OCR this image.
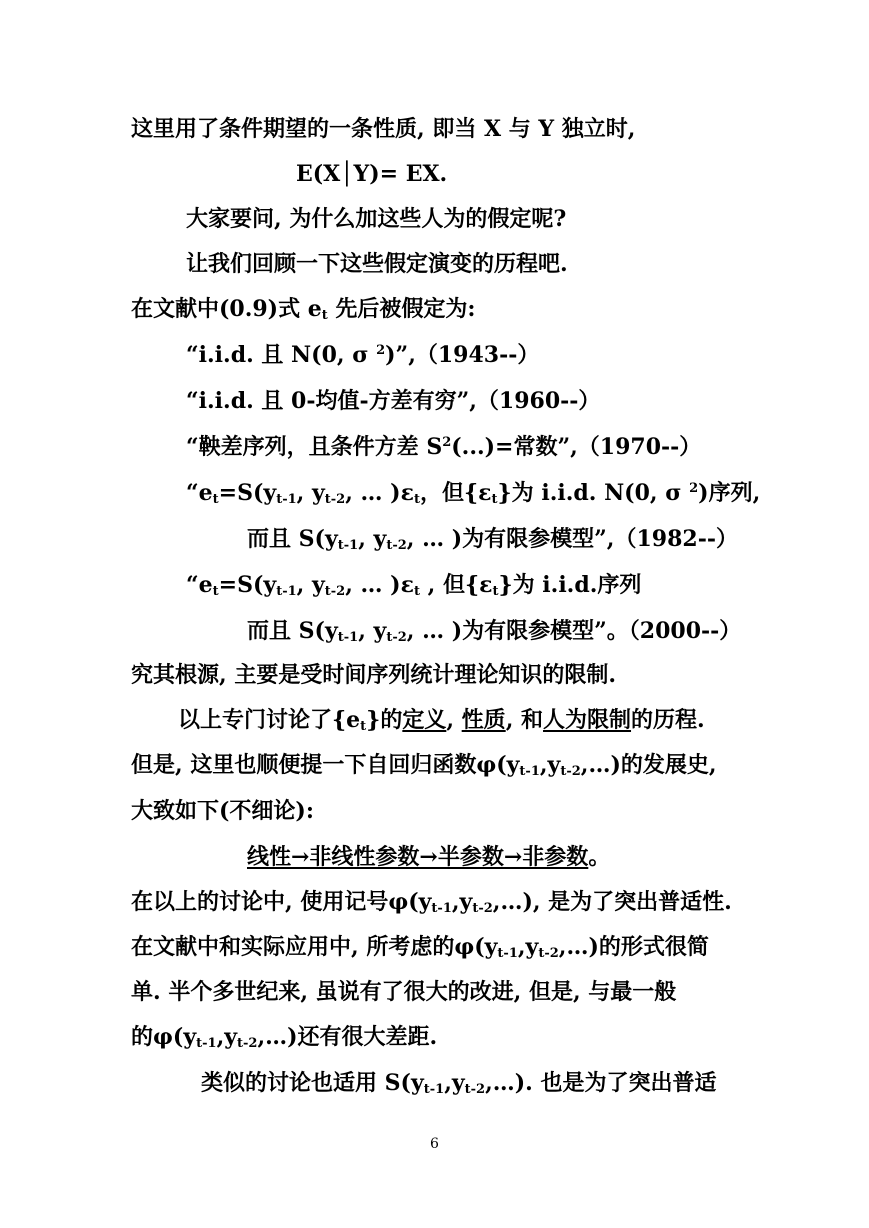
这里用了条件期望的一条性质, 即当 X 与 Y 独立时,
E(X│Y)= EX.
大家要问, 为什么加这些人为的假定呢?
让我们回顾一下这些假定演变的历程吧.
在文献中(0.9)式 $e_t$ 先后被假定为:
“i.i.d. 且 N(0, σ $^2$)”,（1943--）
“i.i.d. 且 0-均值-方差有穷”,（1960--）
“鞅差序列，且条件方差 $S^2(...)=$常数”,（1970--）
“$e_t=S(y_{t-1}$, $y_{t-2}$, … )$\varepsilon_t$，但$\{\varepsilon_t\}$为 i.i.d. N(0, σ $^2$)序列,
而且 $S(y_{t-1}$, $y_{t-2}$, … )为有限参模型”,（1982--）
“$e_t=S(y_{t-1}$, $y_{t-2}$, … )$\varepsilon_t$ , 但$\{\varepsilon_t\}$为 i.i.d.序列
而且 $S(y_{t-1}$, $y_{t-2}$, … )为有限参模型”。（2000--）
究其根源, 主要是受时间序列统计理论知识的限制.
以上专门讨论了$\{e_t\}$的定义, 性质, 和人为限制的历程.
但是, 这里也顺便提一下自回归函数$\varphi(y_{t-1},y_{t-2},\dots)$的发展史,
大致如下(不细论):
线性→非线性参数→半参数→非参数。
在以上的讨论中, 使用记号$\varphi(y_{t-1},y_{t-2},\dots)$, 是为了突出普适性.
在文献中和实际应用中, 所考虑的$\varphi(y_{t-1},y_{t-2},\dots)$的形式很简
单. 半个多世纪来, 虽说有了很大的改进, 但是, 与最一般
的$\varphi(y_{t-1},y_{t-2},\dots)$还有很大差距.
类似的讨论也适用 $S(y_{t-1},y_{t-2},\dots)$. 也是为了突出普适
6
